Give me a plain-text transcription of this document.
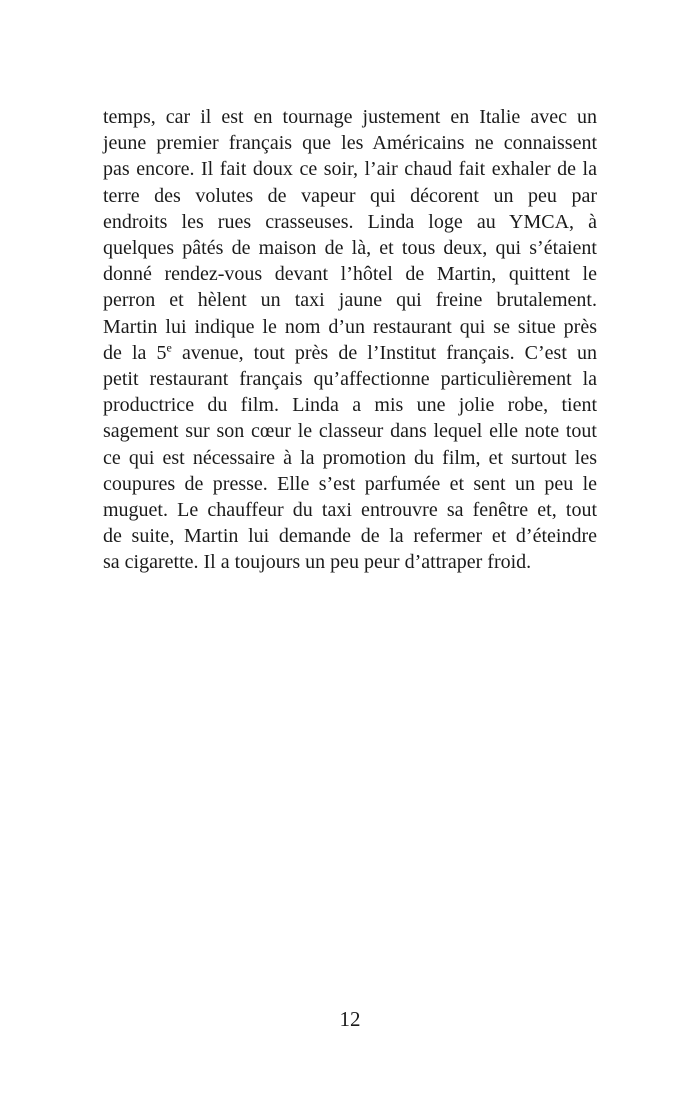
temps, car il est en tournage justement en Italie avec un
jeune premier français que les Américains ne connaissent
pas encore. Il fait doux ce soir, l’air chaud fait exhaler de la
terre des volutes de vapeur qui décorent un peu par
endroits les rues crasseuses. Linda loge au YMCA, à
quelques pâtés de maison de là, et tous deux, qui s’étaient
donné rendez-vous devant l’hôtel de Martin, quittent le
perron et hèlent un taxi jaune qui freine brutalement.
Martin lui indique le nom d’un restaurant qui se situe près
de la 5e avenue, tout près de l’Institut français. C’est un
petit restaurant français qu’affectionne particulièrement la
productrice du film. Linda a mis une jolie robe, tient
sagement sur son cœur le classeur dans lequel elle note tout
ce qui est nécessaire à la promotion du film, et surtout les
coupures de presse. Elle s’est parfumée et sent un peu le
muguet. Le chauffeur du taxi entrouvre sa fenêtre et, tout
de suite, Martin lui demande de la refermer et d’éteindre
sa cigarette. Il a toujours un peu peur d’attraper froid.
12
